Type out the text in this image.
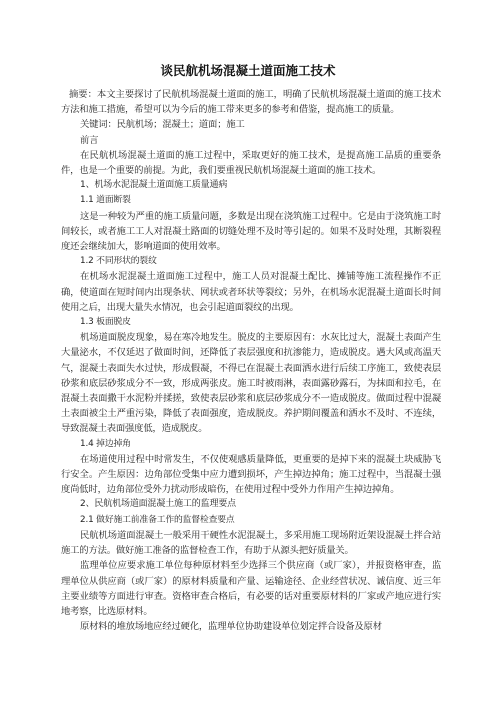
谈民航机场混凝土道面施工技术

摘要：本文主要探讨了民航机场混凝土道面的施工，明确了民航机场混凝土道面的施工技术方法和施工措施，希望可以为今后的施工带来更多的参考和借鉴，提高施工的质量。

关键词：民航机场；混凝土；道面；施工

前言

在民航机场混凝土道面的施工过程中，采取更好的施工技术，是提高施工品质的重要条件，也是一个重要的前提。为此，我们要重视民航机场混凝土道面的施工技术。

1、机场水泥混凝土道面施工质量通病

1.1 道面断裂

这是一种较为严重的施工质量问题，多数是出现在浇筑施工过程中。它是由于浇筑施工时间较长，或者施工工人对混凝土路面的切缝处理不及时等引起的。如果不及时处理，其断裂程度还会继续加大，影响道面的使用效率。

1.2 不同形状的裂纹

在机场水泥混凝土道面施工过程中，施工人员对混凝土配比、摊铺等施工流程操作不正确，使道面在短时间内出现条状、网状或者环状等裂纹；另外，在机场水泥混凝土道面长时间使用之后，出现大量失水情况，也会引起道面裂纹的出现。

1.3 板面脱皮

机场道面脱皮现象，易在寒冷地发生。脱皮的主要原因有：水灰比过大，混凝土表面产生大量泌水，不仅延迟了做面时间，还降低了表层强度和抗渗能力，造成脱皮。遇大风或高温天气，混凝土表面失水过快，形成假凝，不得已在混凝土表面洒水进行后续工序施工，致使表层砂浆和底层砂浆成分不一致，形成两张皮。施工时被雨淋，表面露砂露石，为抹面和拉毛，在混凝土表面撒干水泥粉并揉搓，致使表层砂浆和底层砂浆成分不一造成脱皮。做面过程中混凝土表面被尘土严重污染，降低了表面强度，造成脱皮。养护期间覆盖和洒水不及时、不连续，导致混凝土表面强度低，造成脱皮。

1.4 掉边掉角

在场道使用过程中时常发生，不仅使观感质量降低，更重要的是掉下来的混凝土块威胁飞行安全。产生原因：边角部位受集中应力遭到损坏，产生掉边掉角；施工过程中，当混凝土强度尚低时，边角部位受外力扰动形成暗伤，在使用过程中受外力作用产生掉边掉角。

2、民航机场道面混凝土施工的监理要点

2.1 做好施工前准备工作的监督检查要点

民航机场道面混凝土一般采用干硬性水泥混凝土，多采用施工现场附近架设混凝土拌合站施工的方法。做好施工准备的监督检查工作，有助于从源头把好质量关。

监理单位应要求施工单位每种原材料至少选择三个供应商（或厂家），并报资格审查，监理单位从供应商（或厂家）的原材料质量和产量、运输途径、企业经营状况、诚信度、近三年主要业绩等方面进行审查。资格审查合格后，有必要的话对重要原材料的厂家或产地应进行实地考察，比选原材料。

原材料的堆放场地应经过硬化，监理单位协助建设单位划定拌合设备及原材
